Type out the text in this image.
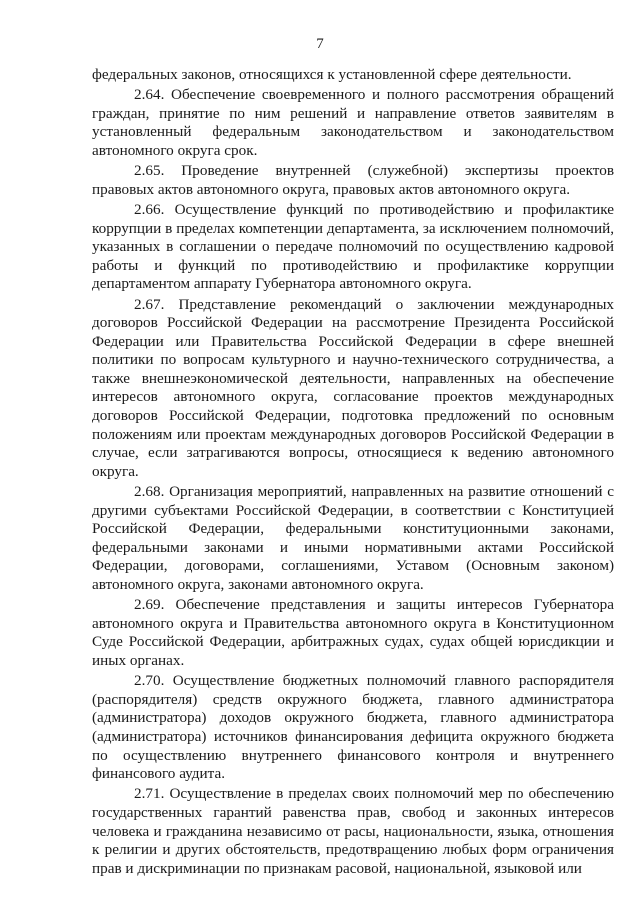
7

федеральных законов, относящихся к установленной сфере деятельности.

2.64. Обеспечение своевременного и полного рассмотрения обращений граждан, принятие по ним решений и направление ответов заявителям в установленный федеральным законодательством и законодательством автономного округа срок.

2.65. Проведение внутренней (служебной) экспертизы проектов правовых актов автономного округа, правовых актов автономного округа.

2.66. Осуществление функций по противодействию и профилактике коррупции в пределах компетенции департамента, за исключением полномочий, указанных в соглашении о передаче полномочий по осуществлению кадровой работы и функций по противодействию и профилактике коррупции департаментом аппарату Губернатора автономного округа.

2.67. Представление рекомендаций о заключении международных договоров Российской Федерации на рассмотрение Президента Российской Федерации или Правительства Российской Федерации в сфере внешней политики по вопросам культурного и научно-технического сотрудничества, а также внешнеэкономической деятельности, направленных на обеспечение интересов автономного округа, согласование проектов международных договоров Российской Федерации, подготовка предложений по основным положениям или проектам международных договоров Российской Федерации в случае, если затрагиваются вопросы, относящиеся к ведению автономного округа.

2.68. Организация мероприятий, направленных на развитие отношений с другими субъектами Российской Федерации, в соответствии с Конституцией Российской Федерации, федеральными конституционными законами, федеральными законами и иными нормативными актами Российской Федерации, договорами, соглашениями, Уставом (Основным законом) автономного округа, законами автономного округа.

2.69. Обеспечение представления и защиты интересов Губернатора автономного округа и Правительства автономного округа в Конституционном Суде Российской Федерации, арбитражных судах, судах общей юрисдикции и иных органах.

2.70. Осуществление бюджетных полномочий главного распорядителя (распорядителя) средств окружного бюджета, главного администратора (администратора) доходов окружного бюджета, главного администратора (администратора) источников финансирования дефицита окружного бюджета по осуществлению внутреннего финансового контроля и внутреннего финансового аудита.

2.71. Осуществление в пределах своих полномочий мер по обеспечению государственных гарантий равенства прав, свобод и законных интересов человека и гражданина независимо от расы, национальности, языка, отношения к религии и других обстоятельств, предотвращению любых форм ограничения прав и дискриминации по признакам расовой, национальной, языковой или
